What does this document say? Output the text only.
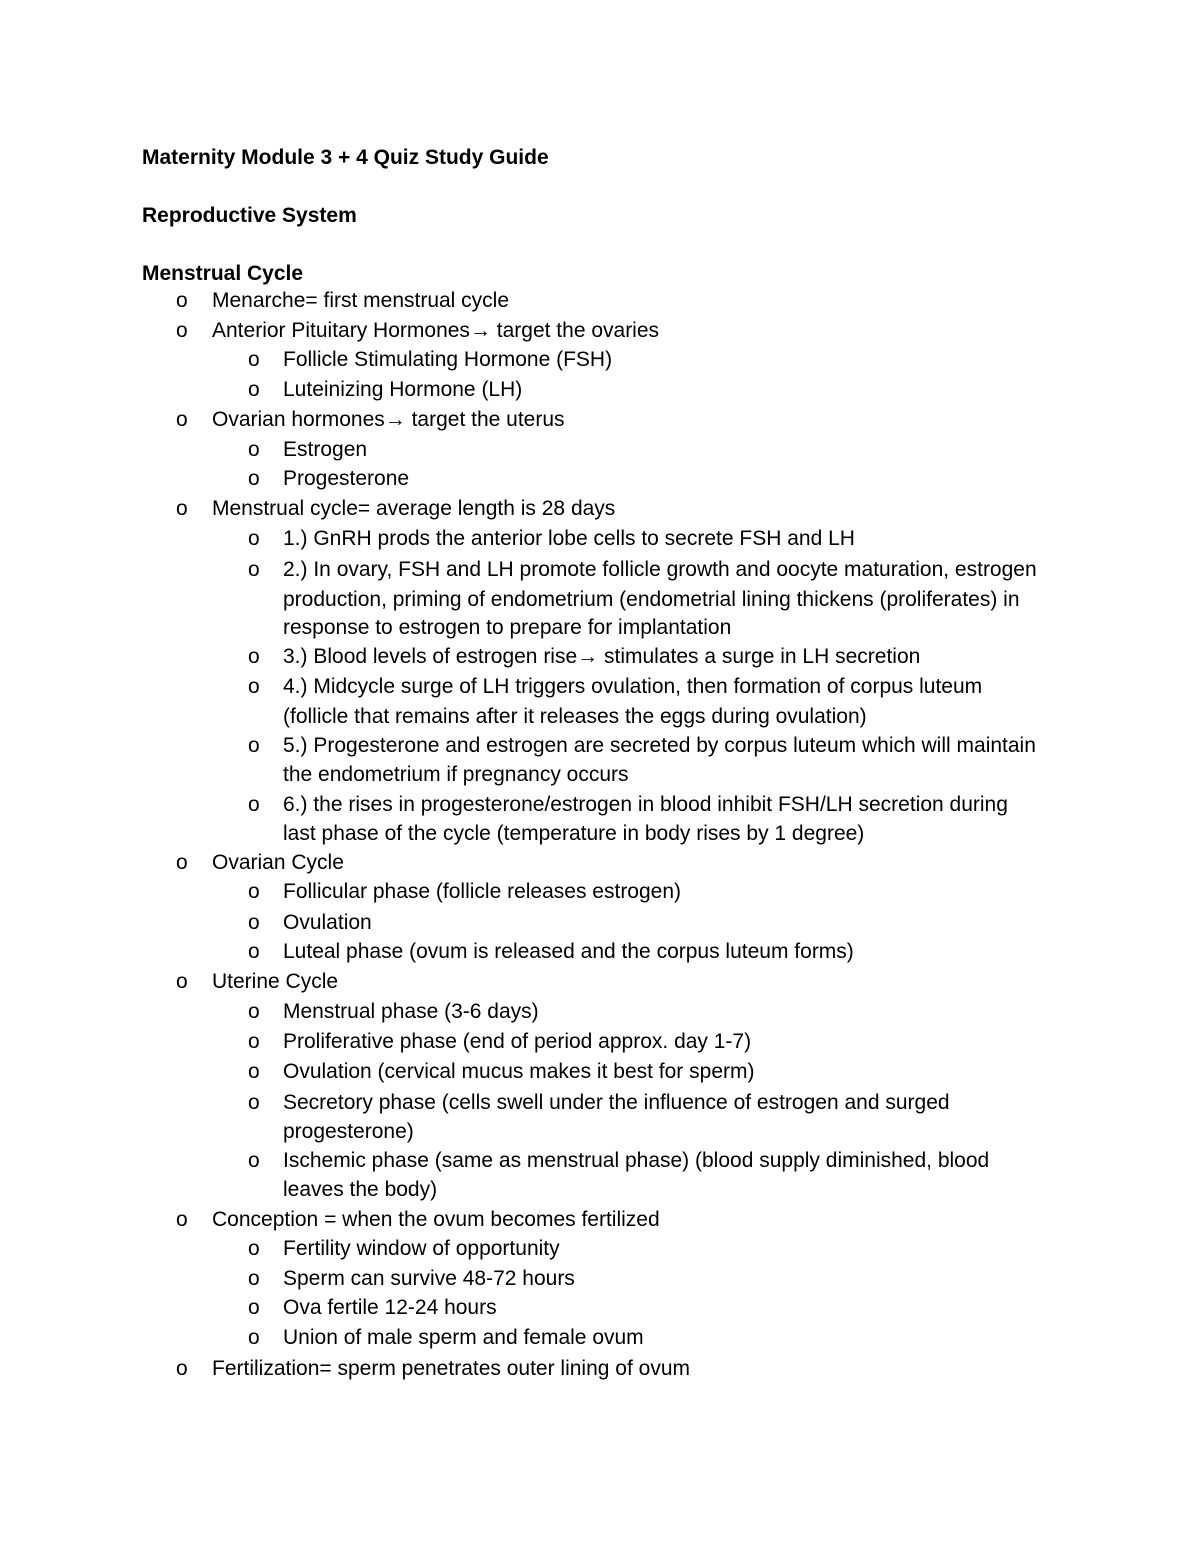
Maternity Module 3 + 4 Quiz Study Guide
Reproductive System
Menstrual Cycle
o Menarche= first menstrual cycle
o Anterior Pituitary Hormones→ target the ovaries
o Follicle Stimulating Hormone (FSH)
o Luteinizing Hormone (LH)
o Ovarian hormones→ target the uterus
o Estrogen
o Progesterone
o Menstrual cycle= average length is 28 days
o 1.) GnRH prods the anterior lobe cells to secrete FSH and LH
o 2.) In ovary, FSH and LH promote follicle growth and oocyte maturation, estrogen
production, priming of endometrium (endometrial lining thickens (proliferates) in
response to estrogen to prepare for implantation
o 3.) Blood levels of estrogen rise→ stimulates a surge in LH secretion
o 4.) Midcycle surge of LH triggers ovulation, then formation of corpus luteum
(follicle that remains after it releases the eggs during ovulation)
o 5.) Progesterone and estrogen are secreted by corpus luteum which will maintain
the endometrium if pregnancy occurs
o 6.) the rises in progesterone/estrogen in blood inhibit FSH/LH secretion during
last phase of the cycle (temperature in body rises by 1 degree)
o Ovarian Cycle
o Follicular phase (follicle releases estrogen)
o Ovulation
o Luteal phase (ovum is released and the corpus luteum forms)
o Uterine Cycle
o Menstrual phase (3-6 days)
o Proliferative phase (end of period approx. day 1-7)
o Ovulation (cervical mucus makes it best for sperm)
o Secretory phase (cells swell under the influence of estrogen and surged
progesterone)
o Ischemic phase (same as menstrual phase) (blood supply diminished, blood
leaves the body)
o Conception = when the ovum becomes fertilized
o Fertility window of opportunity
o Sperm can survive 48-72 hours
o Ova fertile 12-24 hours
o Union of male sperm and female ovum
o Fertilization= sperm penetrates outer lining of ovum
